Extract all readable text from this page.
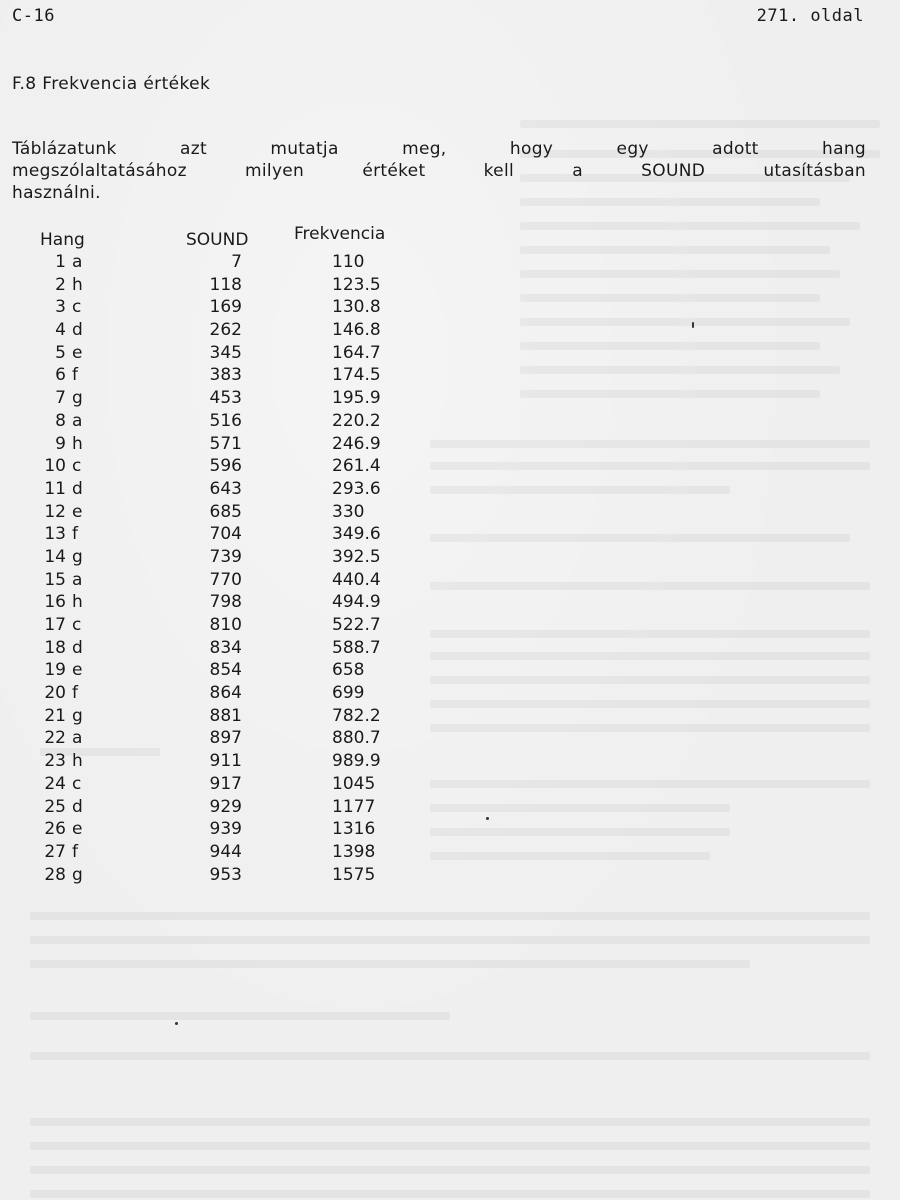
C-16	271. oldal
F.8 Frekvencia értékek
Táblázatunk azt mutatja meg, hogy egy adott hang
megszólaltatásához milyen értéket kell a SOUND utasításban
használni.
Hang	SOUND	Frekvencia
1 a	7	110
2 h	118	123.5
3 c	169	130.8
4 d	262	146.8
5 e	345	164.7
6 f	383	174.5
7 g	453	195.9
8 a	516	220.2
9 h	571	246.9
10 c	596	261.4
11 d	643	293.6
12 e	685	330
13 f	704	349.6
14 g	739	392.5
15 a	770	440.4
16 h	798	494.9
17 c	810	522.7
18 d	834	588.7
19 e	854	658
20 f	864	699
21 g	881	782.2
22 a	897	880.7
23 h	911	989.9
24 c	917	1045
25 d	929	1177
26 e	939	1316
27 f	944	1398
28 g	953	1575
